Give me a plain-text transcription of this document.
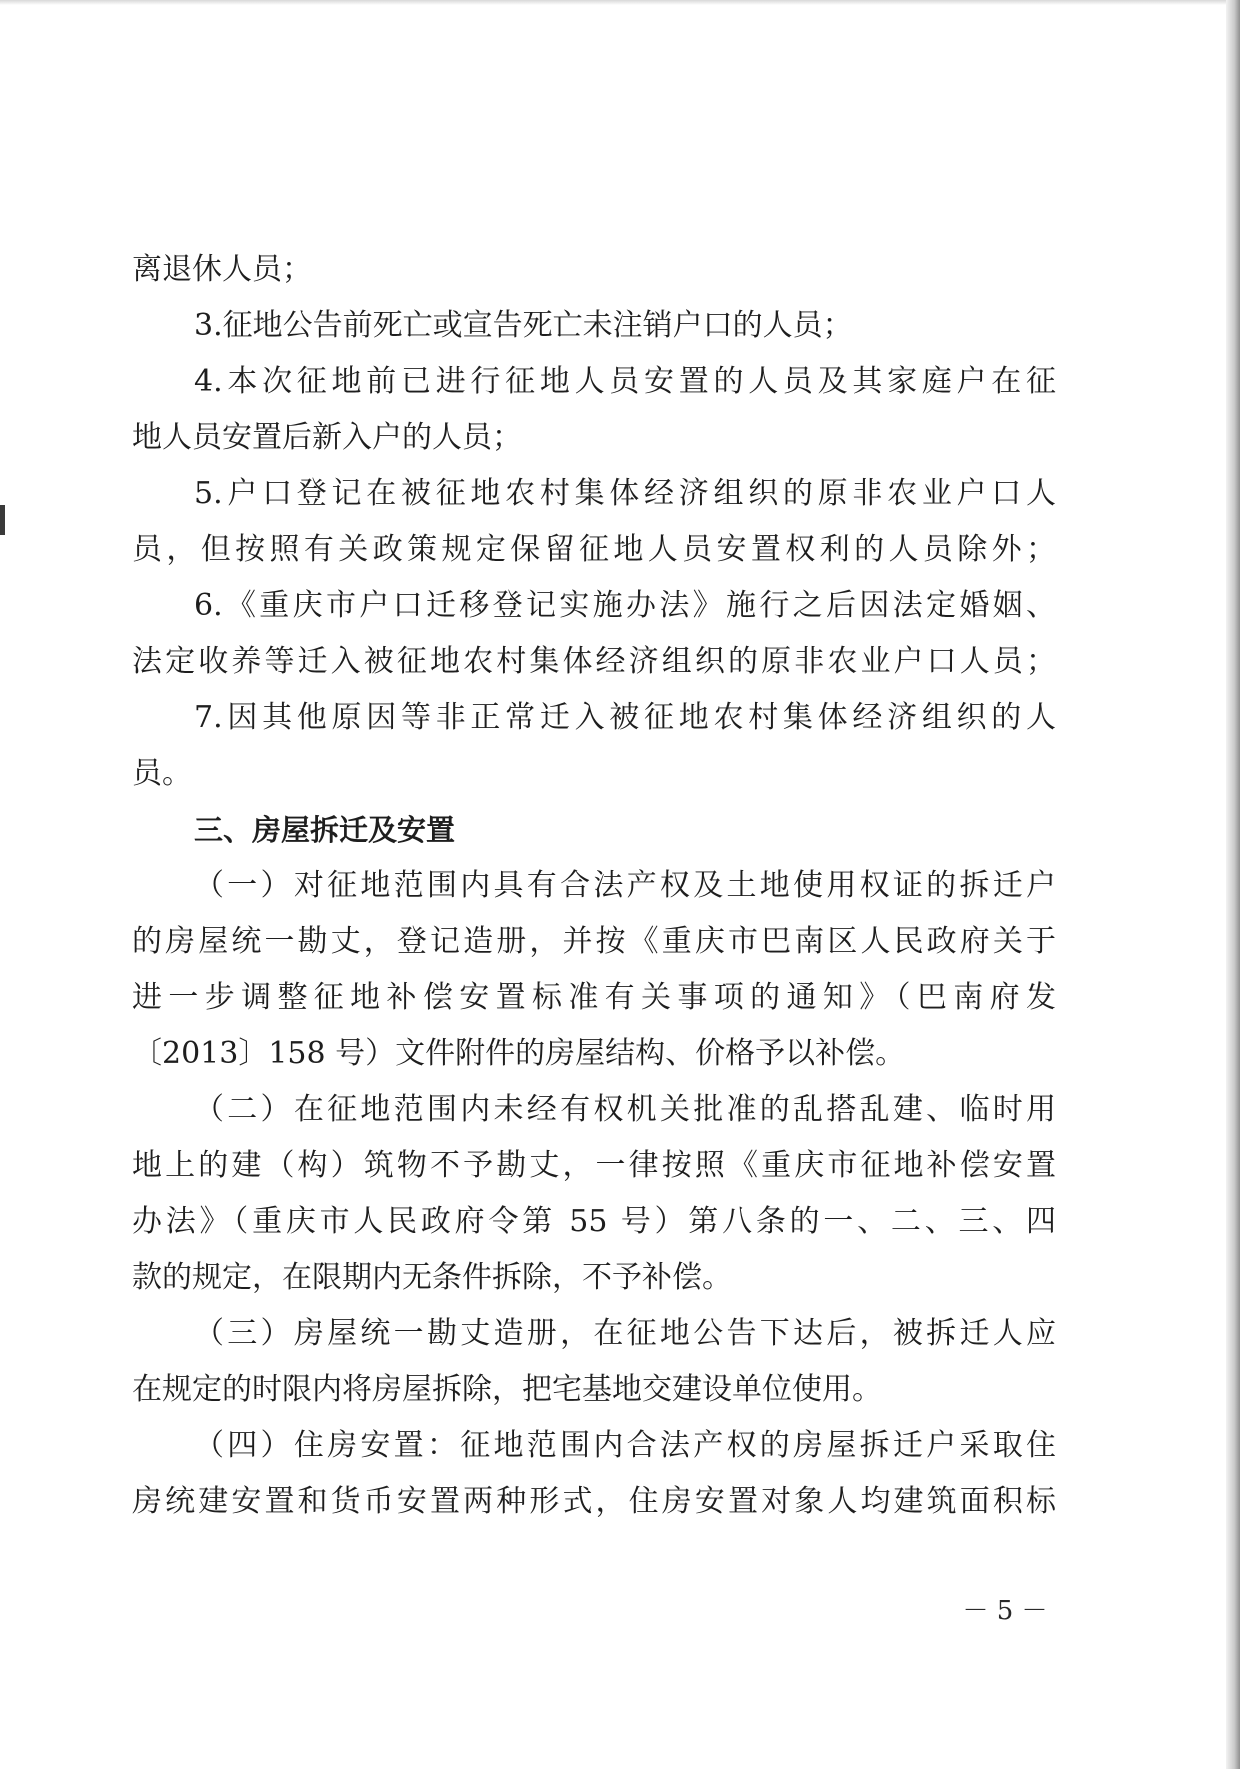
离退休人员；
3.征地公告前死亡或宣告死亡未注销户口的人员；
4.本次征地前已进行征地人员安置的人员及其家庭户在征
地人员安置后新入户的人员；
5.户口登记在被征地农村集体经济组织的原非农业户口人
员，但按照有关政策规定保留征地人员安置权利的人员除外；
6.《重庆市户口迁移登记实施办法》施行之后因法定婚姻、
法定收养等迁入被征地农村集体经济组织的原非农业户口人员；
7.因其他原因等非正常迁入被征地农村集体经济组织的人
员。
三、房屋拆迁及安置
（一）对征地范围内具有合法产权及土地使用权证的拆迁户
的房屋统一勘丈，登记造册，并按《重庆市巴南区人民政府关于
进一步调整征地补偿安置标准有关事项的通知》（巴南府发
〔2013〕158 号）文件附件的房屋结构、价格予以补偿。
（二）在征地范围内未经有权机关批准的乱搭乱建、临时用
地上的建（构）筑物不予勘丈，一律按照《重庆市征地补偿安置
办法》（重庆市人民政府令第 55 号）第八条的一、二、三、四
款的规定，在限期内无条件拆除，不予补偿。
（三）房屋统一勘丈造册，在征地公告下达后，被拆迁人应
在规定的时限内将房屋拆除，把宅基地交建设单位使用。
（四）住房安置：征地范围内合法产权的房屋拆迁户采取住
房统建安置和货币安置两种形式，住房安置对象人均建筑面积标
－ 5 －
